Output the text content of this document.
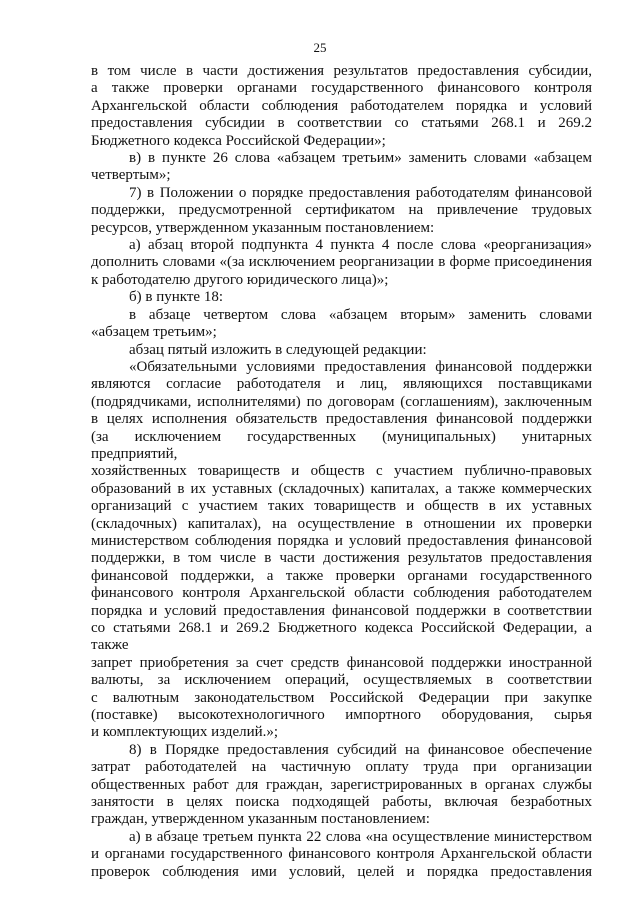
25
в том числе в части достижения результатов предоставления субсидии,
а также проверки органами государственного финансового контроля
Архангельской области соблюдения работодателем порядка и условий
предоставления субсидии в соответствии со статьями 268.1 и 269.2
Бюджетного кодекса Российской Федерации»;
в) в пункте 26 слова «абзацем третьим» заменить словами «абзацем
четвертым»;
7) в Положении о порядке предоставления работодателям финансовой
поддержки, предусмотренной сертификатом на привлечение трудовых
ресурсов, утвержденном указанным постановлением:
а) абзац второй подпункта 4 пункта 4 после слова «реорганизация»
дополнить словами «(за исключением реорганизации в форме присоединения
к работодателю другого юридического лица)»;
б) в пункте 18:
в абзаце четвертом слова «абзацем вторым» заменить словами
«абзацем третьим»;
абзац пятый изложить в следующей редакции:
«Обязательными условиями предоставления финансовой поддержки
являются согласие работодателя и лиц, являющихся поставщиками
(подрядчиками, исполнителями) по договорам (соглашениям), заключенным
в целях исполнения обязательств предоставления финансовой поддержки
(за исключением государственных (муниципальных) унитарных предприятий,
хозяйственных товариществ и обществ с участием публично-правовых
образований в их уставных (складочных) капиталах, а также коммерческих
организаций с участием таких товариществ и обществ в их уставных
(складочных) капиталах), на осуществление в отношении их проверки
министерством соблюдения порядка и условий предоставления финансовой
поддержки, в том числе в части достижения результатов предоставления
финансовой поддержки, а также проверки органами государственного
финансового контроля Архангельской области соблюдения работодателем
порядка и условий предоставления финансовой поддержки в соответствии
со статьями 268.1 и 269.2 Бюджетного кодекса Российской Федерации, а также
запрет приобретения за счет средств финансовой поддержки иностранной
валюты, за исключением операций, осуществляемых в соответствии
с валютным законодательством Российской Федерации при закупке
(поставке) высокотехнологичного импортного оборудования, сырья
и комплектующих изделий.»;
8) в Порядке предоставления субсидий на финансовое обеспечение
затрат работодателей на частичную оплату труда при организации
общественных работ для граждан, зарегистрированных в органах службы
занятости в целях поиска подходящей работы, включая безработных
граждан, утвержденном указанным постановлением:
а) в абзаце третьем пункта 22 слова «на осуществление министерством
и органами государственного финансового контроля Архангельской области
проверок соблюдения ими условий, целей и порядка предоставления
